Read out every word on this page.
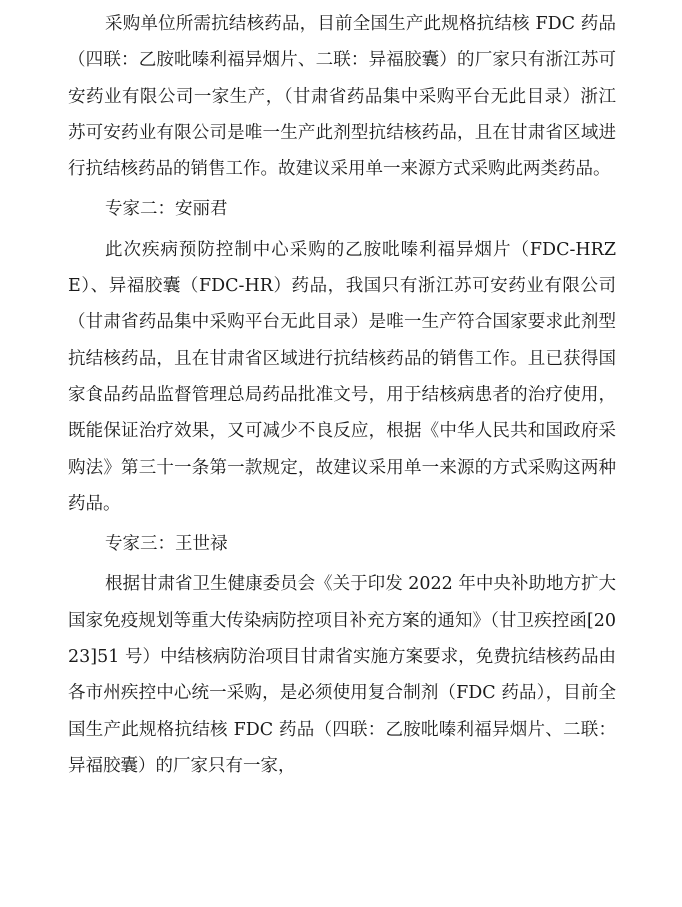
采购单位所需抗结核药品，目前全国生产此规格抗结核 FDC 药品（四联：乙胺吡嗪利福异烟片、二联：异福胶囊）的厂家只有浙江苏可安药业有限公司一家生产，（甘肃省药品集中采购平台无此目录）浙江苏可安药业有限公司是唯一生产此剂型抗结核药品，且在甘肃省区域进行抗结核药品的销售工作。故建议采用单一来源方式采购此两类药品。

专家二：安丽君

此次疾病预防控制中心采购的乙胺吡嗪利福异烟片（FDC-HRZE）、异福胶囊（FDC-HR）药品，我国只有浙江苏可安药业有限公司（甘肃省药品集中采购平台无此目录）是唯一生产符合国家要求此剂型抗结核药品，且在甘肃省区域进行抗结核药品的销售工作。且已获得国家食品药品监督管理总局药品批准文号，用于结核病患者的治疗使用，既能保证治疗效果，又可减少不良反应，根据《中华人民共和国政府采购法》第三十一条第一款规定，故建议采用单一来源的方式采购这两种药品。

专家三：王世禄

根据甘肃省卫生健康委员会《关于印发 2022 年中央补助地方扩大国家免疫规划等重大传染病防控项目补充方案的通知》（甘卫疾控函[2023]51 号）中结核病防治项目甘肃省实施方案要求，免费抗结核药品由各市州疾控中心统一采购，是必须使用复合制剂（FDC 药品），目前全国生产此规格抗结核 FDC 药品（四联：乙胺吡嗪利福异烟片、二联：异福胶囊）的厂家只有一家，
